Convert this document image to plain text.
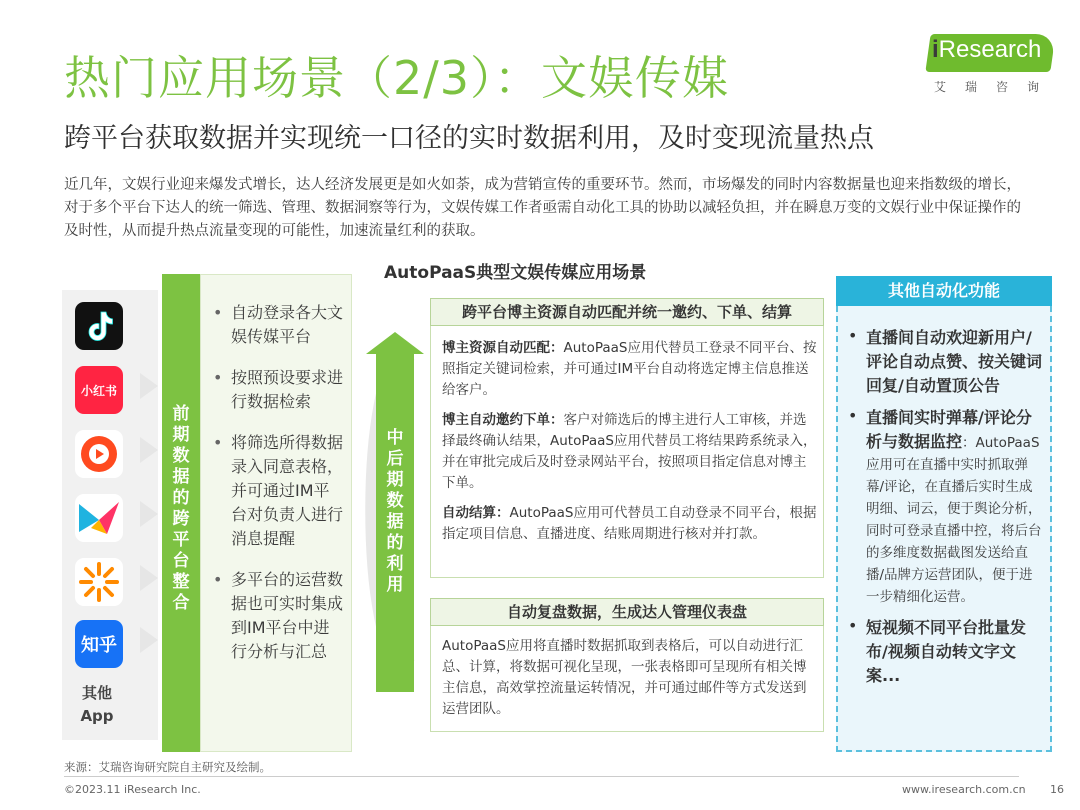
热门应用场景（2/3）：文娱传媒
跨平台获取数据并实现统一口径的实时数据利用，及时变现流量热点
iResearch
艾瑞咨询
近几年，文娱行业迎来爆发式增长，达人经济发展更是如火如荼，成为营销宣传的重要环节。然而，市场爆发的同时内容数据量也迎来指数级的增长，对于多个平台下达人的统一筛选、管理、数据洞察等行为，文娱传媒工作者亟需自动化工具的协助以减轻负担，并在瞬息万变的文娱行业中保证操作的及时性，从而提升热点流量变现的可能性，加速流量红利的获取。
AutoPaaS典型文娱传媒应用场景
小红书
知乎
其他
App
前
期
数
据
的
跨
平
台
整
合
• 自动登录各大文娱传媒平台
• 按照预设要求进行数据检索
• 将筛选所得数据录入同意表格，并可通过IM平台对负责人进行消息提醒
• 多平台的运营数据也可实时集成到IM平台中进行分析与汇总
中
后
期
数
据
的
利
用
跨平台博主资源自动匹配并统一邀约、下单、结算

博主资源自动匹配：AutoPaaS应用代替员工登录不同平台、按照指定关键词检索，并可通过IM平台自动将选定博主信息推送给客户。

博主自动邀约下单：客户对筛选后的博主进行人工审核，并选择最终确认结果，AutoPaaS应用代替员工将结果跨系统录入，并在审批完成后及时登录网站平台，按照项目指定信息对博主下单。

自动结算：AutoPaaS应用可代替员工自动登录不同平台，根据指定项目信息、直播进度、结账周期进行核对并打款。

自动复盘数据，生成达人管理仪表盘
AutoPaaS应用将直播时数据抓取到表格后，可以自动进行汇总、计算，将数据可视化呈现，一张表格即可呈现所有相关博主信息，高效掌控流量运转情况，并可通过邮件等方式发送到运营团队。
其他自动化功能
• 直播间自动欢迎新用户/评论自动点赞、按关键词回复/自动置顶公告
• 直播间实时弹幕/评论分析与数据监控：AutoPaaS应用可在直播中实时抓取弹幕/评论，在直播后实时生成明细、词云，便于舆论分析，同时可登录直播中控，将后台的多维度数据截图发送给直播/品牌方运营团队，便于进一步精细化运营。
• 短视频不同平台批量发布/视频自动转文字文案...
来源：艾瑞咨询研究院自主研究及绘制。
©2023.11 iResearch Inc.	www.iresearch.com.cn 16
